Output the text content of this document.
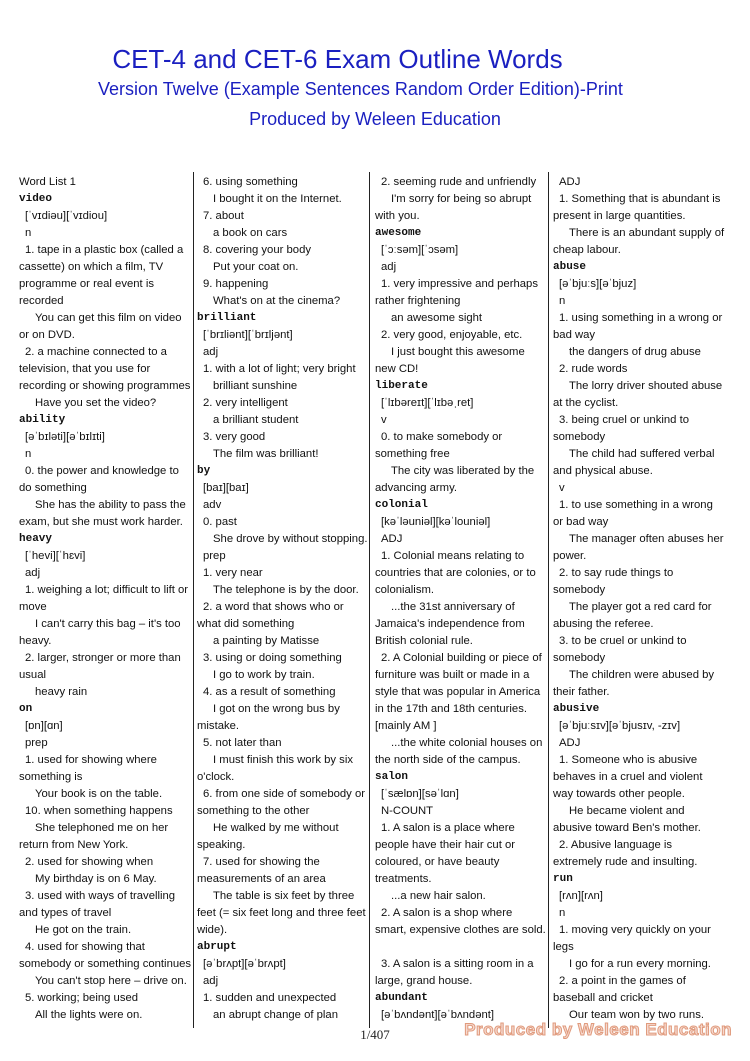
CET-4 and CET-6 Exam Outline Words
Version Twelve (Example Sentences Random Order Edition)-Print
Produced by Weleen Education
Word List 1
video
[ˈvɪdiəu][ˈvɪdiou]
n
1. tape in a plastic box (called a
cassette) on which a film, TV
programme or real event is
recorded
You can get this film on video
or on DVD.
2. a machine connected to a
television, that you use for
recording or showing programmes
Have you set the video?
ability
[əˈbɪləti][əˈbɪlɪti]
n
0. the power and knowledge to
do something
She has the ability to pass the
exam, but she must work harder.
heavy
[ˈhevi][ˈhɛvi]
adj
1. weighing a lot; difficult to lift or
move
I can't carry this bag – it's too
heavy.
2. larger, stronger or more than
usual
heavy rain
on
[ɒn][ɑn]
prep
1. used for showing where
something is
Your book is on the table.
10. when something happens
She telephoned me on her
return from New York.
2. used for showing when
My birthday is on 6 May.
3. used with ways of travelling
and types of travel
He got on the train.
4. used for showing that
somebody or something continues
You can't stop here – drive on.
5. working; being used
All the lights were on.
6. using something
I bought it on the Internet.
7. about
a book on cars
8. covering your body
Put your coat on.
9. happening
What's on at the cinema?
brilliant
[ˈbrɪliənt][ˈbrɪljənt]
adj
1. with a lot of light; very bright
brilliant sunshine
2. very intelligent
a brilliant student
3. very good
The film was brilliant!
by
[baɪ][baɪ]
adv
0. past
She drove by without stopping.
prep
1. very near
The telephone is by the door.
2. a word that shows who or
what did something
a painting by Matisse
3. using or doing something
I go to work by train.
4. as a result of something
I got on the wrong bus by
mistake.
5. not later than
I must finish this work by six
o'clock.
6. from one side of somebody or
something to the other
He walked by me without
speaking.
7. used for showing the
measurements of an area
The table is six feet by three
feet (= six feet long and three feet
wide).
abrupt
[əˈbrʌpt][əˈbrʌpt]
adj
1. sudden and unexpected
an abrupt change of plan
2. seeming rude and unfriendly
I'm sorry for being so abrupt
with you.
awesome
[ˈɔːsəm][ˈɔsəm]
adj
1. very impressive and perhaps
rather frightening
an awesome sight
2. very good, enjoyable, etc.
I just bought this awesome
new CD!
liberate
[ˈlɪbəreɪt][ˈlɪbəˌret]
v
0. to make somebody or
something free
The city was liberated by the
advancing army.
colonial
[kəˈləuniəl][kəˈlouniəl]
ADJ
1. Colonial means relating to
countries that are colonies, or to
colonialism.
...the 31st anniversary of
Jamaica's independence from
British colonial rule.
2. A Colonial building or piece of
furniture was built or made in a
style that was popular in America
in the 17th and 18th centuries.
[mainly AM ]
...the white colonial houses on
the north side of the campus.
salon
[ˈsælɒn][səˈlɑn]
N-COUNT
1. A salon is a place where
people have their hair cut or
coloured, or have beauty
treatments.
...a new hair salon.
2. A salon is a shop where
smart, expensive clothes are sold.
3. A salon is a sitting room in a
large, grand house.
abundant
[əˈbʌndənt][əˈbʌndənt]
ADJ
1. Something that is abundant is
present in large quantities.
There is an abundant supply of
cheap labour.
abuse
[əˈbjuːs][əˈbjuz]
n
1. using something in a wrong or
bad way
the dangers of drug abuse
2. rude words
The lorry driver shouted abuse
at the cyclist.
3. being cruel or unkind to
somebody
The child had suffered verbal
and physical abuse.
v
1. to use something in a wrong
or bad way
The manager often abuses her
power.
2. to say rude things to
somebody
The player got a red card for
abusing the referee.
3. to be cruel or unkind to
somebody
The children were abused by
their father.
abusive
[əˈbjuːsɪv][əˈbjusɪv, -zɪv]
ADJ
1. Someone who is abusive
behaves in a cruel and violent
way towards other people.
He became violent and
abusive toward Ben's mother.
2. Abusive language is
extremely rude and insulting.
run
[rʌn][rʌn]
n
1. moving very quickly on your
legs
I go for a run every morning.
2. a point in the games of
baseball and cricket
Our team won by two runs.
1/407	Produced by Weleen Education
